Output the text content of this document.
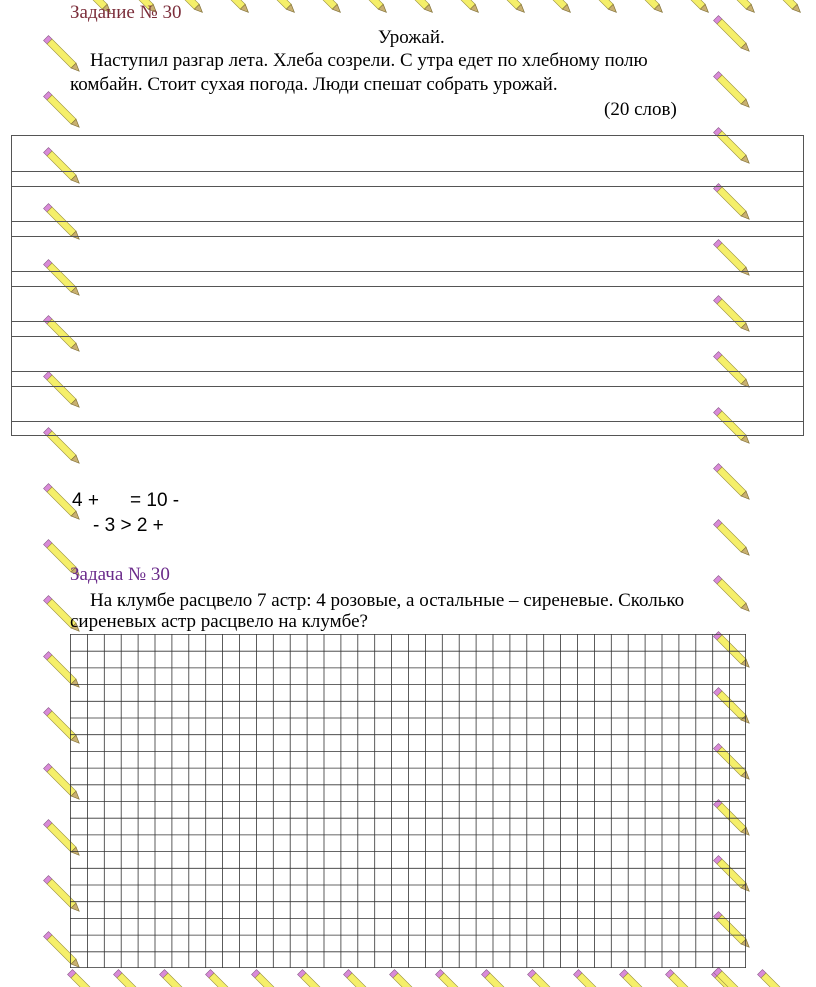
Задание № 30
Урожай.
Наступил разгар лета. Хлеба созрели. С утра едет по хлебному полю
комбайн. Стоит сухая погода. Люди спешат собрать урожай.
(20 слов)
4 + = 10 -
- 3 > 2 +
Задача № 30
На клумбе расцвело 7 астр: 4 розовые, а остальные – сиреневые. Сколько
сиреневых астр расцвело на клумбе?
